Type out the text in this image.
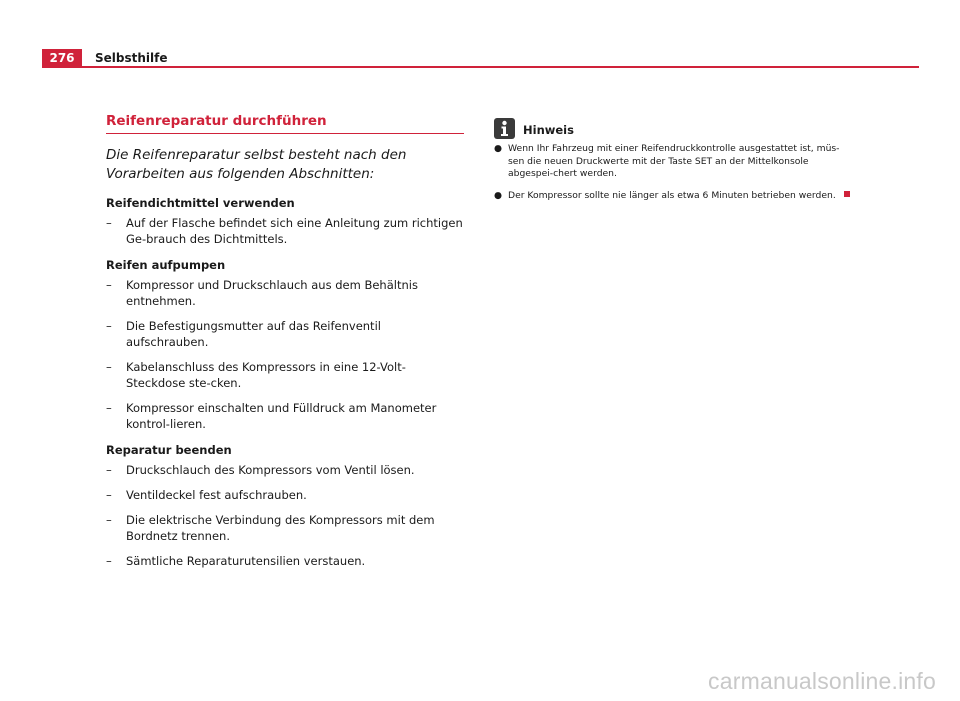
276	Selbsthilfe
Reifenreparatur durchführen

Die Reifenreparatur selbst besteht nach den Vorarbeiten aus folgenden Abschnitten:

Reifendichtmittel verwenden
– Auf der Flasche befindet sich eine Anleitung zum richtigen Ge-brauch des Dichtmittels.
Reifen aufpumpen
– Kompressor und Druckschlauch aus dem Behältnis entnehmen.
– Die Befestigungsmutter auf das Reifenventil aufschrauben.
– Kabelanschluss des Kompressors in eine 12-Volt-Steckdose ste-cken.
– Kompressor einschalten und Fülldruck am Manometer kontrol-lieren.
Reparatur beenden
– Druckschlauch des Kompressors vom Ventil lösen.
– Ventildeckel fest aufschrauben.
– Die elektrische Verbindung des Kompressors mit dem Bordnetz trennen.
– Sämtliche Reparaturutensilien verstauen.
Hinweis
● Wenn Ihr Fahrzeug mit einer Reifendruckkontrolle ausgestattet ist, müs-sen die neuen Druckwerte mit der Taste SET an der Mittelkonsole abgespei-chert werden.
● Der Kompressor sollte nie länger als etwa 6 Minuten betrieben werden.
carmanualsonline.info
